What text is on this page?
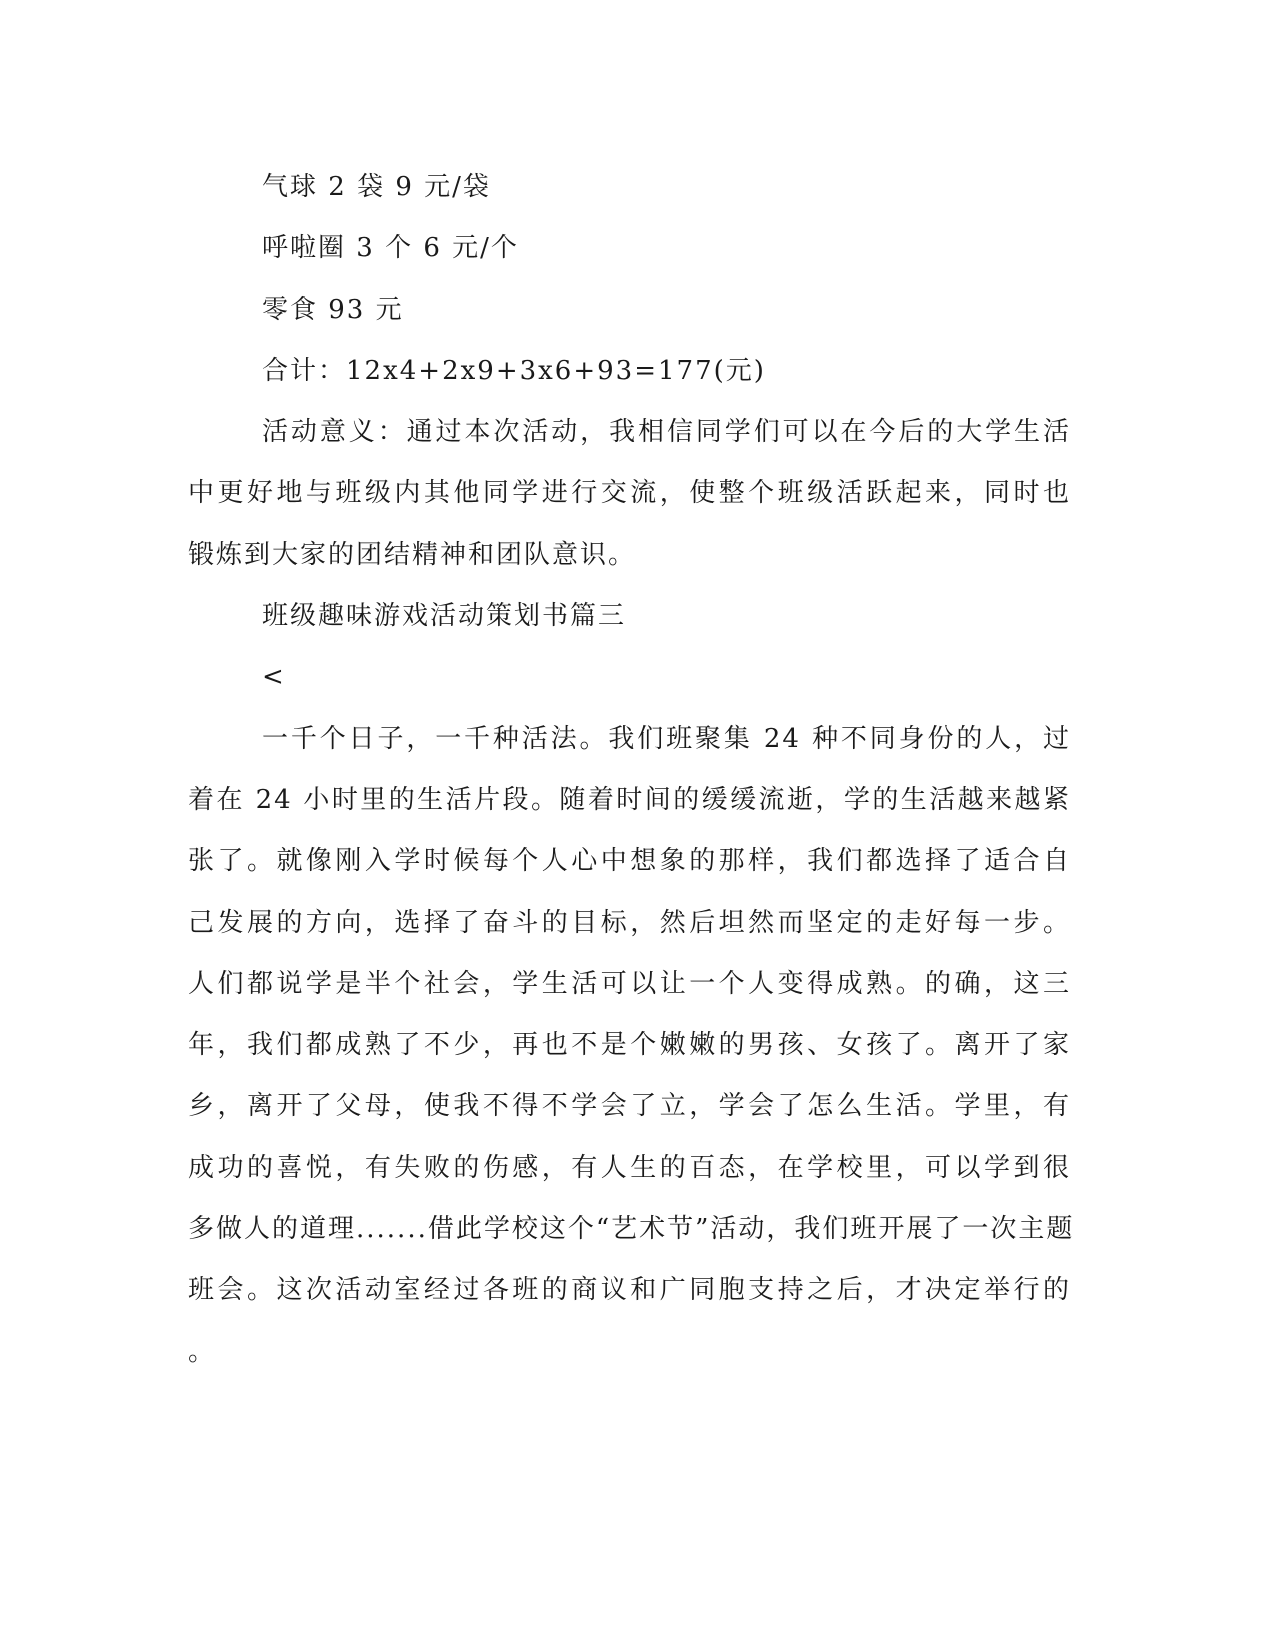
气球 2 袋 9 元/袋
呼啦圈 3 个 6 元/个
零食 93 元
合计：12x4+2x9+3x6+93=177(元)
活动意义：通过本次活动，我相信同学们可以在今后的大学生活
中更好地与班级内其他同学进行交流，使整个班级活跃起来，同时也
锻炼到大家的团结精神和团队意识。
班级趣味游戏活动策划书篇三
<
一千个日子，一千种活法。我们班聚集 24 种不同身份的人，过
着在 24 小时里的生活片段。随着时间的缓缓流逝，学的生活越来越紧
张了。就像刚入学时候每个人心中想象的那样，我们都选择了适合自
己发展的方向，选择了奋斗的目标，然后坦然而坚定的走好每一步。
人们都说学是半个社会，学生活可以让一个人变得成熟。的确，这三
年，我们都成熟了不少，再也不是个嫩嫩的男孩、女孩了。离开了家
乡，离开了父母，使我不得不学会了立，学会了怎么生活。学里，有
成功的喜悦，有失败的伤感，有人生的百态，在学校里，可以学到很
多做人的道理.......借此学校这个“艺术节”活动，我们班开展了一次主题
班会。这次活动室经过各班的商议和广同胞支持之后，才决定举行的
。
